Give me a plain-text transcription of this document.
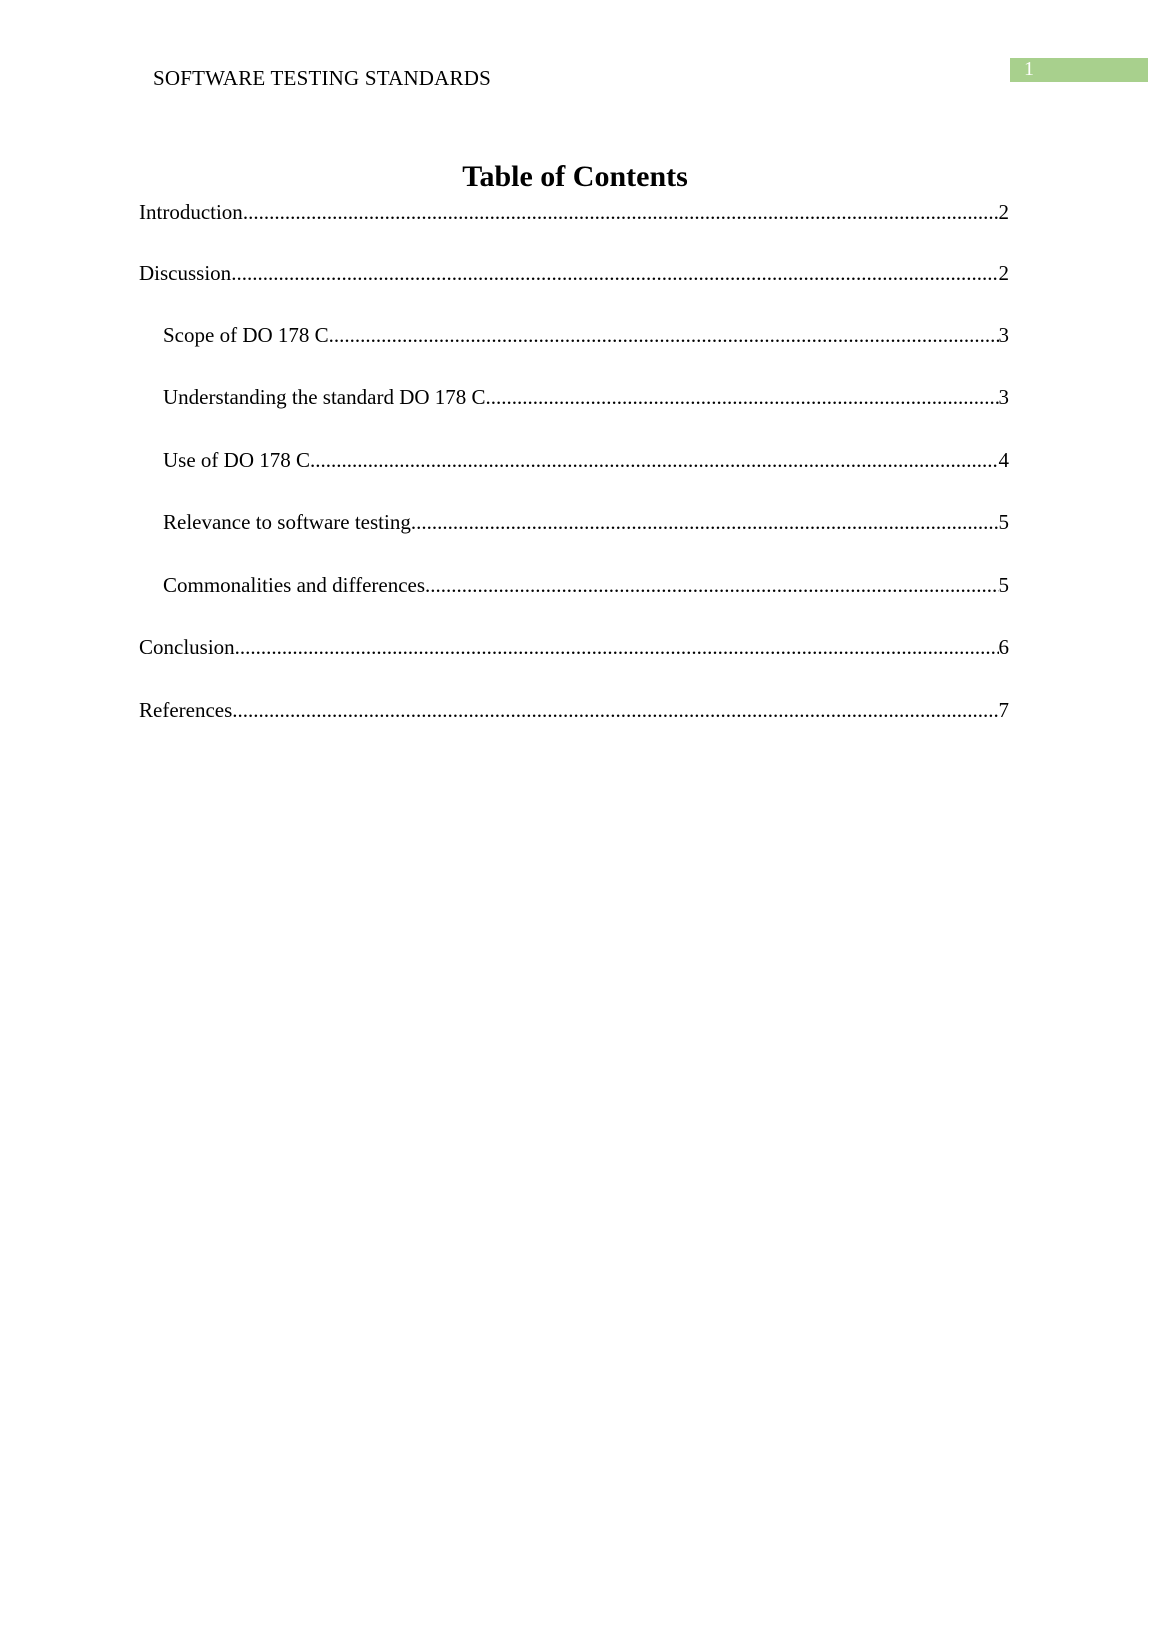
SOFTWARE TESTING STANDARDS	1
Table of Contents
Introduction .....	2
Discussion .....	2
Scope of DO 178 C .....	3
Understanding the standard DO 178 C .....	3
Use of DO 178 C .....	4
Relevance to software testing .....	5
Commonalities and differences .....	5
Conclusion .....	6
References .....	7
